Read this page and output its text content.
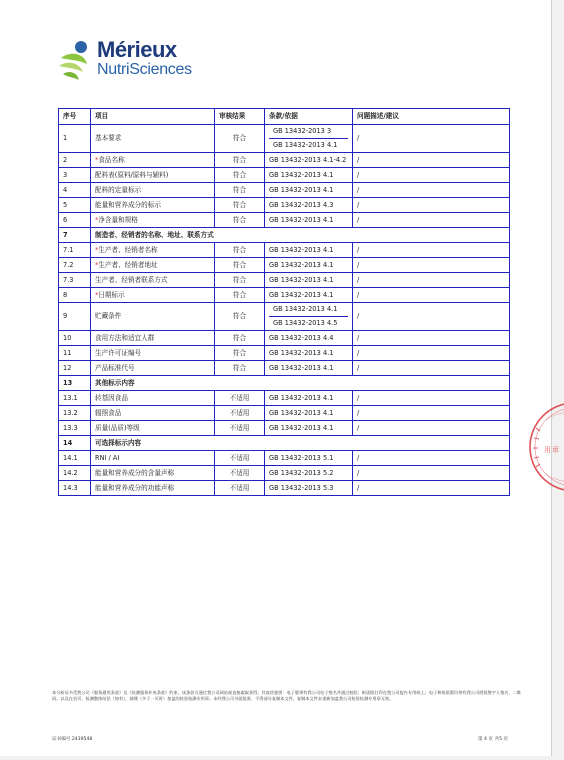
Mérieux
NutriSciences
序号	项目	审核结果	条款/依据	问题描述/建议
1	基本要求	符合	GB 13432-2013 3
GB 13432-2013 4.1	/
2	*食品名称	符合	GB 13432-2013 4.1-4.2	/
3	配料表(原料/原料与辅料)	符合	GB 13432-2013 4.1	/
4	配料的定量标示	符合	GB 13432-2013 4.1	/
5	能量和营养成分的标示	符合	GB 13432-2013 4.3	/
6	*净含量和规格	符合	GB 13432-2013 4.1	/
7	制造者、经销者的名称、地址、联系方式			
7.1	*生产者、经销者名称	符合	GB 13432-2013 4.1	/
7.2	*生产者、经销者地址	符合	GB 13432-2013 4.1	/
7.3	生产者、经销者联系方式	符合	GB 13432-2013 4.1	/
8	*日期标示	符合	GB 13432-2013 4.1	/
9	贮藏条件	符合	GB 13432-2013 4.1
GB 13432-2013 4.5	/
10	食用方法和适宜人群	符合	GB 13432-2013 4.4	/
11	生产许可证编号	符合	GB 13432-2013 4.1	/
12	产品标准代号	符合	GB 13432-2013 4.1	/
13	其他标示内容			
13.1	转基因食品	不适用	GB 13432-2013 4.1	/
13.2	辐照食品	不适用	GB 13432-2013 4.1	/
13.3	质量(品质)等级	不适用	GB 13432-2013 4.1	/
14	可选择标示内容			
14.1	RNI / AI	不适用	GB 13432-2013 5.1	/
14.2	能量和营养成分的含量声称	不适用	GB 13432-2013 5.2	/
14.3	能量和营养成分的功能声称	不适用	GB 13432-2013 5.3	/
用 章
本分析证书受我公司《服务通用条款》及《检测服务补充条款》约束，该条款可通过我公司网站或直接索取获得。其真伪鉴别：电子版带有我公司电子签名并通过校验；纸质版打印在我公司报告专用纸上；电子和纸质版均带有我公司授权签字人签名、二维码。以及在首页、检测整体结论（如有），骑缝（多于一页时）加盖的检验检测专用章。未经我公司书面批准，不得部分复制本文件。复制本文件未重新加盖我公司检验检测专用章无效。
证书编号 2439548	第 4 页 共5 页
